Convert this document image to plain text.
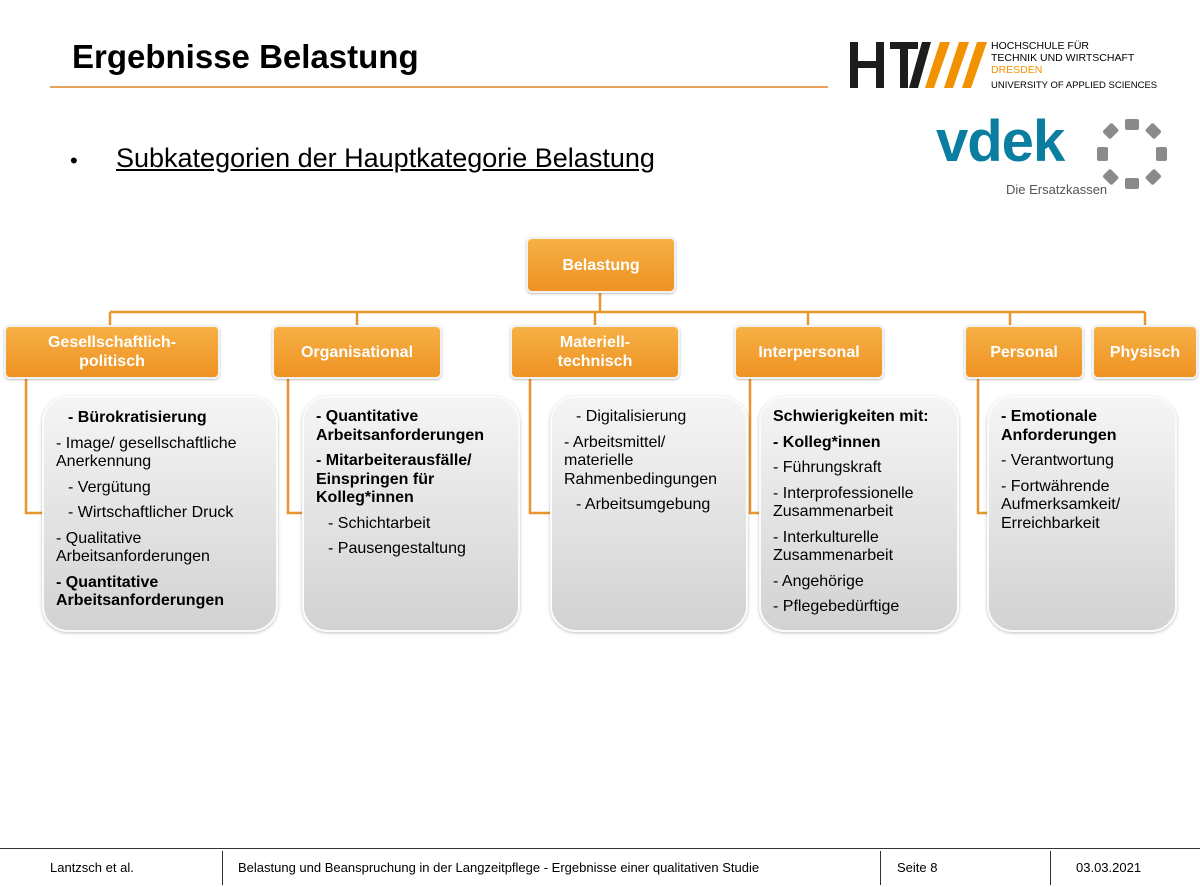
Ergebnisse Belastung	HOCHSCHULE FÜR
TECHNIK UND WIRTSCHAFT
DRESDEN
UNIVERSITY OF APPLIED SCIENCES
vdek
Die Ersatzkassen
• Subkategorien der Hauptkategorie Belastung
Belastung
Gesellschaftlich-
politisch
Organisational
Materiell-
technisch
Interpersonal	Personal	Physisch
- Bürokratisierung
- Image/ gesellschaftliche Anerkennung
- Vergütung
- Wirtschaftlicher Druck
- Qualitative Arbeitsanforderungen
- Quantitative Arbeitsanforderungen
- Quantitative Arbeitsanforderungen
- Mitarbeiterausfälle/ Einspringen für Kolleg*innen
- Schichtarbeit
- Pausengestaltung
- Digitalisierung
- Arbeitsmittel/ materielle Rahmenbedingungen
- Arbeitsumgebung
Schwierigkeiten mit:
- Kolleg*innen
- Führungskraft
- Interprofessionelle Zusammenarbeit
- Interkulturelle Zusammenarbeit
- Angehörige
- Pflegebedürftige
- Emotionale Anforderungen
- Verantwortung
- Fortwährende Aufmerksamkeit/ Erreichbarkeit
Lantzsch et al.	Belastung und Beanspruchung in der Langzeitpflege - Ergebnisse einer qualitativen Studie	Seite 8	03.03.2021
